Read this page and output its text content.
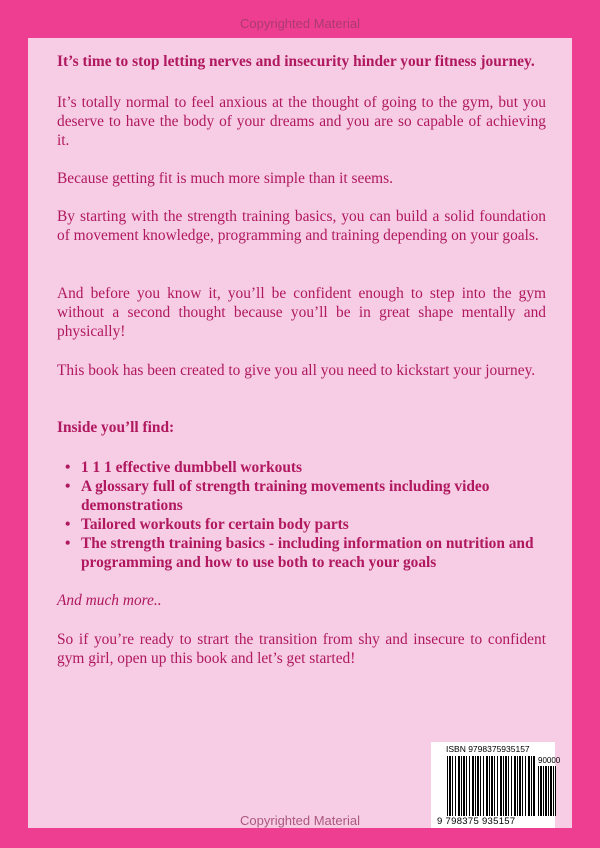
Copyrighted Material

It’s time to stop letting nerves and insecurity hinder your fitness journey.

It’s totally normal to feel anxious at the thought of going to the gym, but you deserve to have the body of your dreams and you are so capable of achieving it.

Because getting fit is much more simple than it seems.

By starting with the strength training basics, you can build a solid foundation of movement knowledge, programming and training depending on your goals.

And before you know it, you’ll be confident enough to step into the gym without a second thought because you’ll be in great shape mentally and physically!

This book has been created to give you all you need to kickstart your journey.

Inside you’ll find:

• 1 1 1 effective dumbbell workouts
• A glossary full of strength training movements including video demonstrations
• Tailored workouts for certain body parts
• The strength training basics - including information on nutrition and programming and how to use both to reach your goals

And much more..

So if you’re ready to strart the transition from shy and insecure to confident gym girl, open up this book and let’s get started!

ISBN 9798375935157
90000
9 798375 935157
Copyrighted Material
